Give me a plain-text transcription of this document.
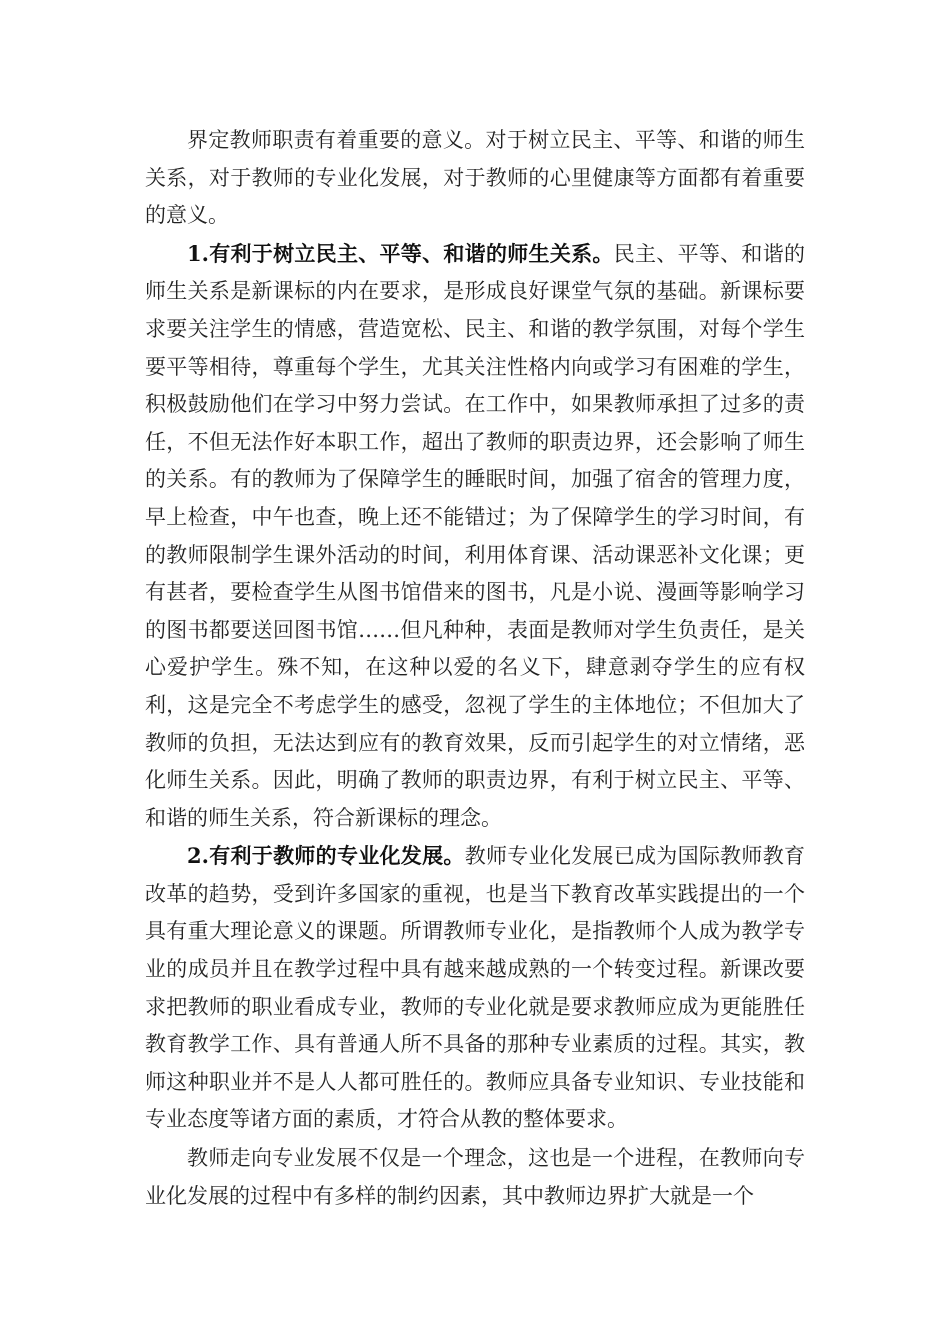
界定教师职责有着重要的意义。对于树立民主、平等、和谐的师生关系，对于教师的专业化发展，对于教师的心里健康等方面都有着重要的意义。

1.有利于树立民主、平等、和谐的师生关系。民主、平等、和谐的师生关系是新课标的内在要求，是形成良好课堂气氛的基础。新课标要求要关注学生的情感，营造宽松、民主、和谐的教学氛围，对每个学生要平等相待，尊重每个学生，尤其关注性格内向或学习有困难的学生，积极鼓励他们在学习中努力尝试。在工作中，如果教师承担了过多的责任，不但无法作好本职工作，超出了教师的职责边界，还会影响了师生的关系。有的教师为了保障学生的睡眠时间，加强了宿舍的管理力度，早上检查，中午也查，晚上还不能错过；为了保障学生的学习时间，有的教师限制学生课外活动的时间，利用体育课、活动课恶补文化课；更有甚者，要检查学生从图书馆借来的图书，凡是小说、漫画等影响学习的图书都要送回图书馆……但凡种种，表面是教师对学生负责任，是关心爱护学生。殊不知，在这种以爱的名义下，肆意剥夺学生的应有权利，这是完全不考虑学生的感受，忽视了学生的主体地位；不但加大了教师的负担，无法达到应有的教育效果，反而引起学生的对立情绪，恶化师生关系。因此，明确了教师的职责边界，有利于树立民主、平等、和谐的师生关系，符合新课标的理念。

2.有利于教师的专业化发展。教师专业化发展已成为国际教师教育改革的趋势，受到许多国家的重视，也是当下教育改革实践提出的一个具有重大理论意义的课题。所谓教师专业化，是指教师个人成为教学专业的成员并且在教学过程中具有越来越成熟的一个转变过程。新课改要求把教师的职业看成专业，教师的专业化就是要求教师应成为更能胜任教育教学工作、具有普通人所不具备的那种专业素质的过程。其实，教师这种职业并不是人人都可胜任的。教师应具备专业知识、专业技能和专业态度等诸方面的素质，才符合从教的整体要求。

教师走向专业发展不仅是一个理念，这也是一个进程，在教师向专业化发展的过程中有多样的制约因素，其中教师边界扩大就是一个
